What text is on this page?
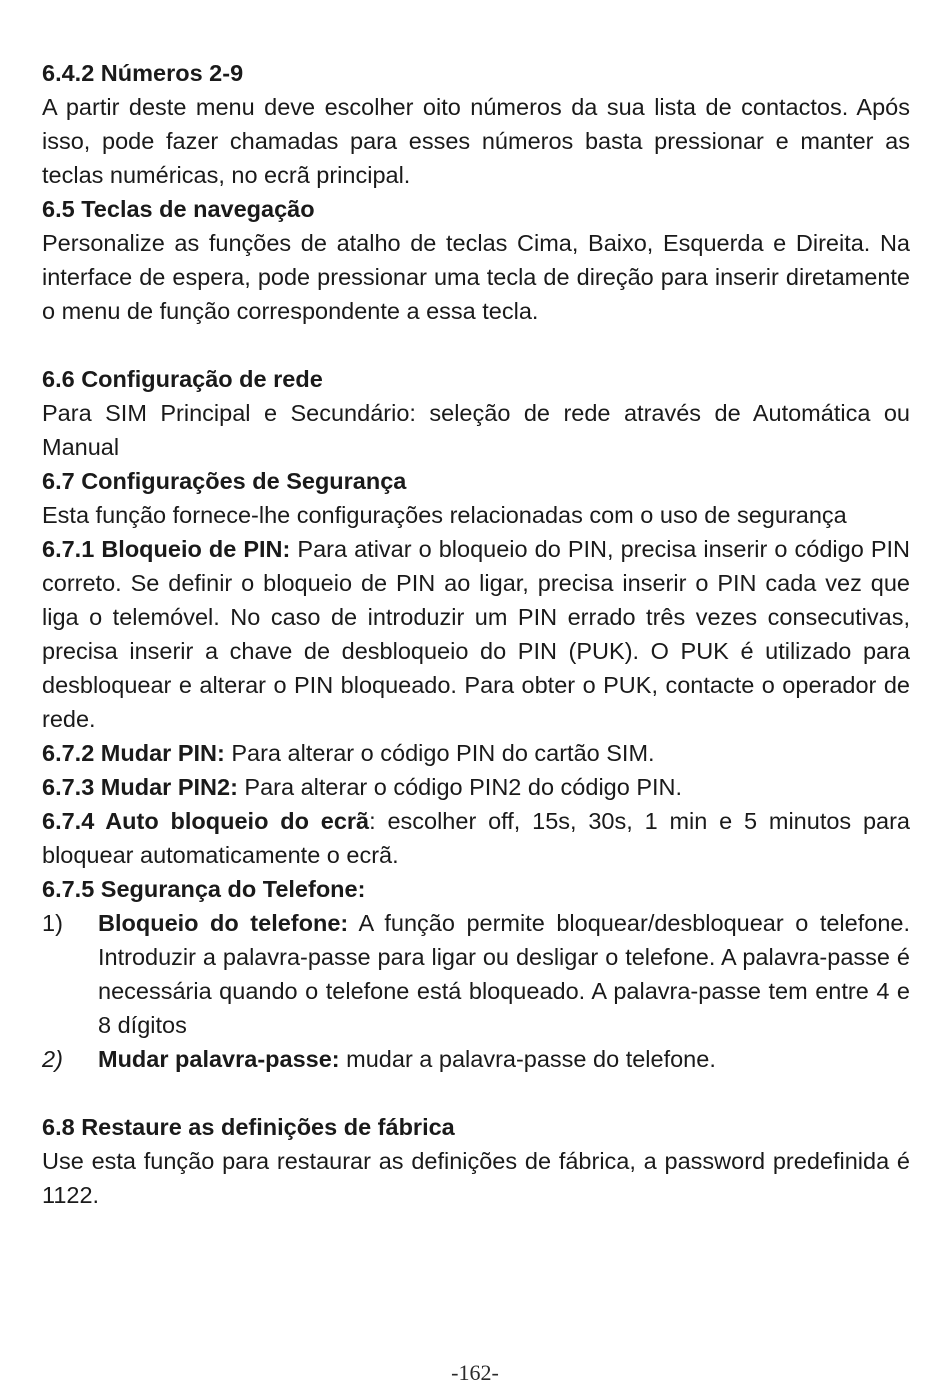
6.4.2 Números 2-9

A partir deste menu deve escolher oito números da sua lista de contactos. Após isso, pode fazer chamadas para esses números basta pressionar e manter as teclas numéricas, no ecrã principal.

6.5 Teclas de navegação

Personalize as funções de atalho de teclas Cima, Baixo, Esquerda e Direita. Na interface de espera, pode pressionar uma tecla de direção para inserir diretamente o menu de função correspondente a essa tecla.

6.6 Configuração de rede

Para SIM Principal e Secundário: seleção de rede através de Automática ou Manual

6.7 Configurações de Segurança

Esta função fornece-lhe configurações relacionadas com o uso de segurança

6.7.1 Bloqueio de PIN: Para ativar o bloqueio do PIN, precisa inserir o código PIN correto. Se definir o bloqueio de PIN ao ligar, precisa inserir o PIN cada vez que liga o telemóvel. No caso de introduzir um PIN errado três vezes consecutivas, precisa inserir a chave de desbloqueio do PIN (PUK). O PUK é utilizado para desbloquear e alterar o PIN bloqueado. Para obter o PUK, contacte o operador de rede.

6.7.2 Mudar PIN: Para alterar o código PIN do cartão SIM.

6.7.3 Mudar PIN2: Para alterar o código PIN2 do código PIN.

6.7.4 Auto bloqueio do ecrã: escolher off, 15s, 30s, 1 min e 5 minutos para bloquear automaticamente o ecrã.

6.7.5 Segurança do Telefone:

1) Bloqueio do telefone: A função permite bloquear/desbloquear o telefone. Introduzir a palavra-passe para ligar ou desligar o telefone. A palavra-passe é necessária quando o telefone está bloqueado. A palavra-passe tem entre 4 e 8 dígitos
2) Mudar palavra-passe: mudar a palavra-passe do telefone.

6.8 Restaure as definições de fábrica

Use esta função para restaurar as definições de fábrica, a password predefinida é 1122.

-162-
